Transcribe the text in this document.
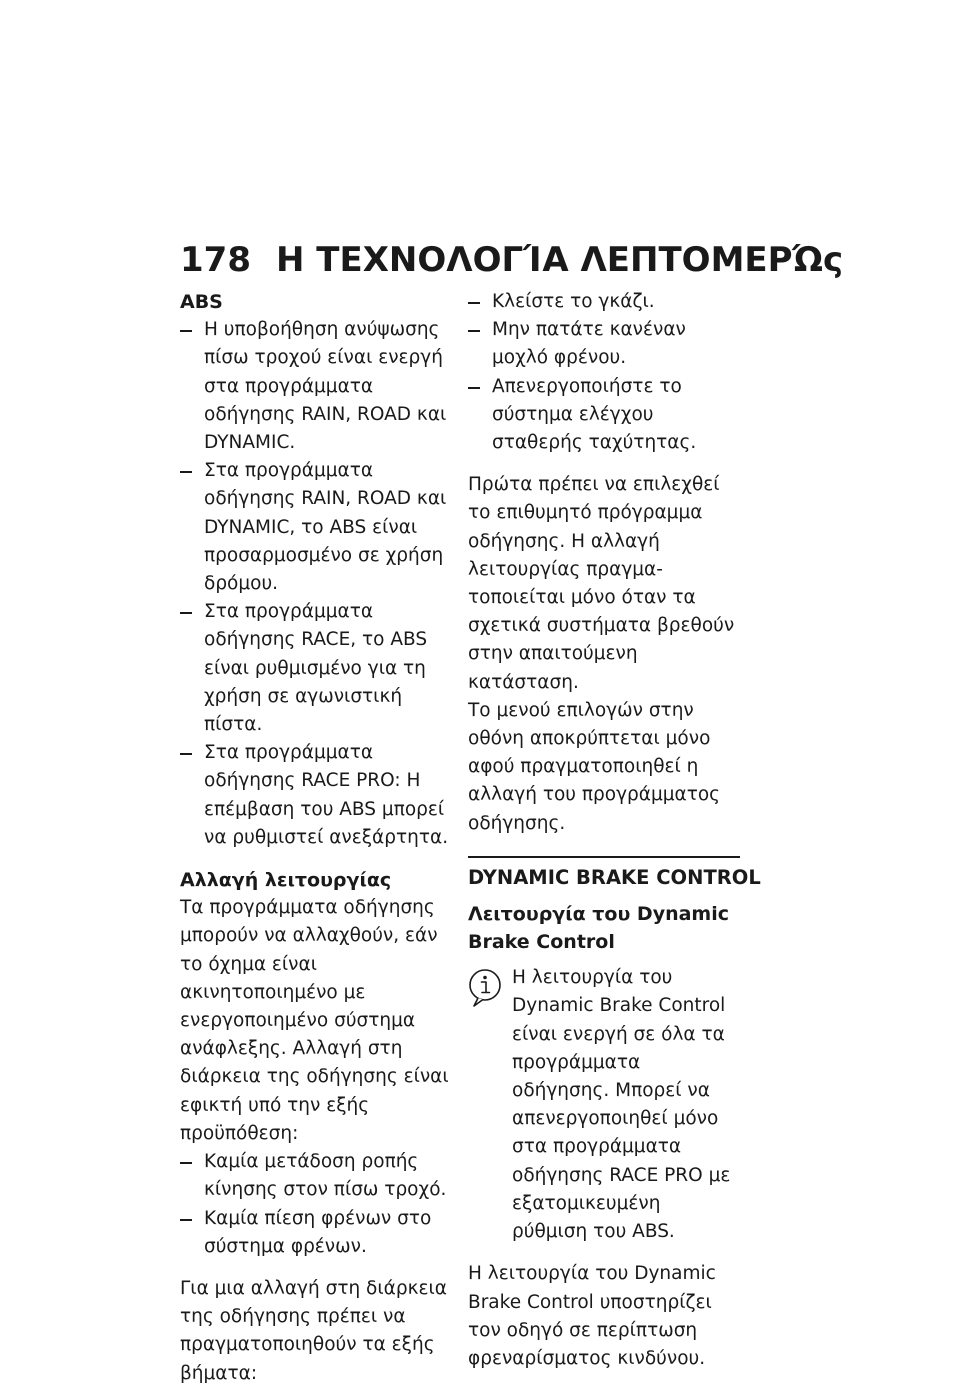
178 Η ΤΕΧΝΟΛΟΓΊΑ ΛΕΠΤΟΜΕΡΏς
ABS
Η υποβοήθηση ανύψωσης πίσω τροχού είναι ενεργή στα προγράμματα οδήγησης RAIN, ROAD και DYNAMIC.
Στα προγράμματα οδήγησης RAIN, ROAD και DYNAMIC, το ABS είναι προσαρμοσμένο σε χρήση δρόμου.
Στα προγράμματα οδήγησης RACE, το ABS είναι ρυθμισμένο για τη χρήση σε αγωνιστική πίστα.
Στα προγράμματα οδήγησης RACE PRO: Η επέμβαση του ABS μπορεί να ρυθμιστεί ανεξάρτητα.
Αλλαγή λειτουργίας

Τα προγράμματα οδήγησης μπορούν να αλλαχθούν, εάν το όχημα είναι ακινητοποιημένο με ενεργοποιημένο σύστημα ανάφλεξης. Αλλαγή στη διάρκεια της οδήγησης είναι εφικτή υπό την εξής προϋπόθεση:

Καμία μετάδοση ροπής κίνησης στον πίσω τροχό.
Καμία πίεση φρένων στο σύστημα φρένων.

Για μια αλλαγή στη διάρκεια της οδήγησης πρέπει να πραγματοποιηθούν τα εξής βήματα:

Κλείστε το γκάζι.
Μην πατάτε κανέναν μοχλό φρένου.
Απενεργοποιήστε το σύστημα ελέγχου σταθερής ταχύτητας.

Πρώτα πρέπει να επιλεχθεί το επιθυμητό πρόγραμμα οδήγησης. Η αλλαγή λειτουργίας πραγματοποιείται μόνο όταν τα σχετικά συστήματα βρεθούν στην απαιτούμενη κατάσταση.

Το μενού επιλογών στην οθόνη αποκρύπτεται μόνο αφού πραγματοποιηθεί η αλλαγή του προγράμματος οδήγησης.

DYNAMIC BRAKE CONTROL
Λειτουργία του Dynamic Brake Control

Η λειτουργία του Dynamic Brake Control είναι ενεργή σε όλα τα προγράμματα οδήγησης. Μπορεί να απενεργοποιηθεί μόνο στα προγράμματα οδήγησης RACE PRO με εξατομικευμένη ρύθμιση του ABS.

Η λειτουργία του Dynamic Brake Control υποστηρίζει τον οδηγό σε περίπτωση φρεναρίσματος κινδύνου.
